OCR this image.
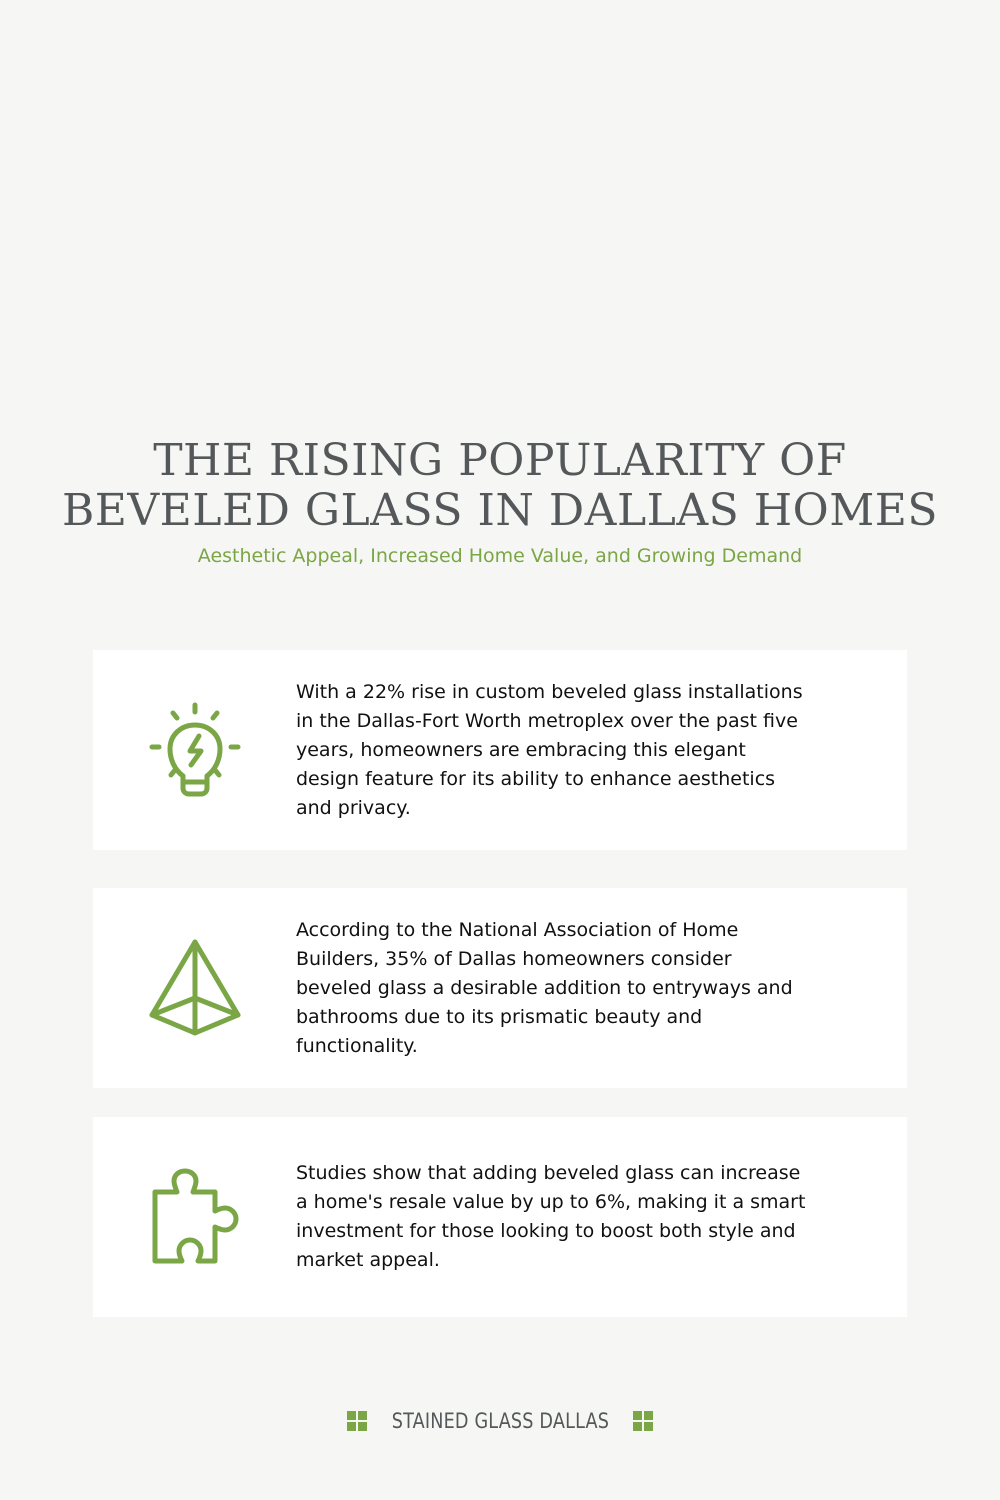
THE RISING POPULARITY OF
BEVELED GLASS IN DALLAS HOMES

Aesthetic Appeal, Increased Home Value, and Growing Demand

With a 22% rise in custom beveled glass installations in the Dallas-Fort Worth metroplex over the past five years, homeowners are embracing this elegant design feature for its ability to enhance aesthetics and privacy.

According to the National Association of Home Builders, 35% of Dallas homeowners consider beveled glass a desirable addition to entryways and bathrooms due to its prismatic beauty and functionality.

Studies show that adding beveled glass can increase a home's resale value by up to 6%, making it a smart investment for those looking to boost both style and market appeal.

STAINED GLASS DALLAS
